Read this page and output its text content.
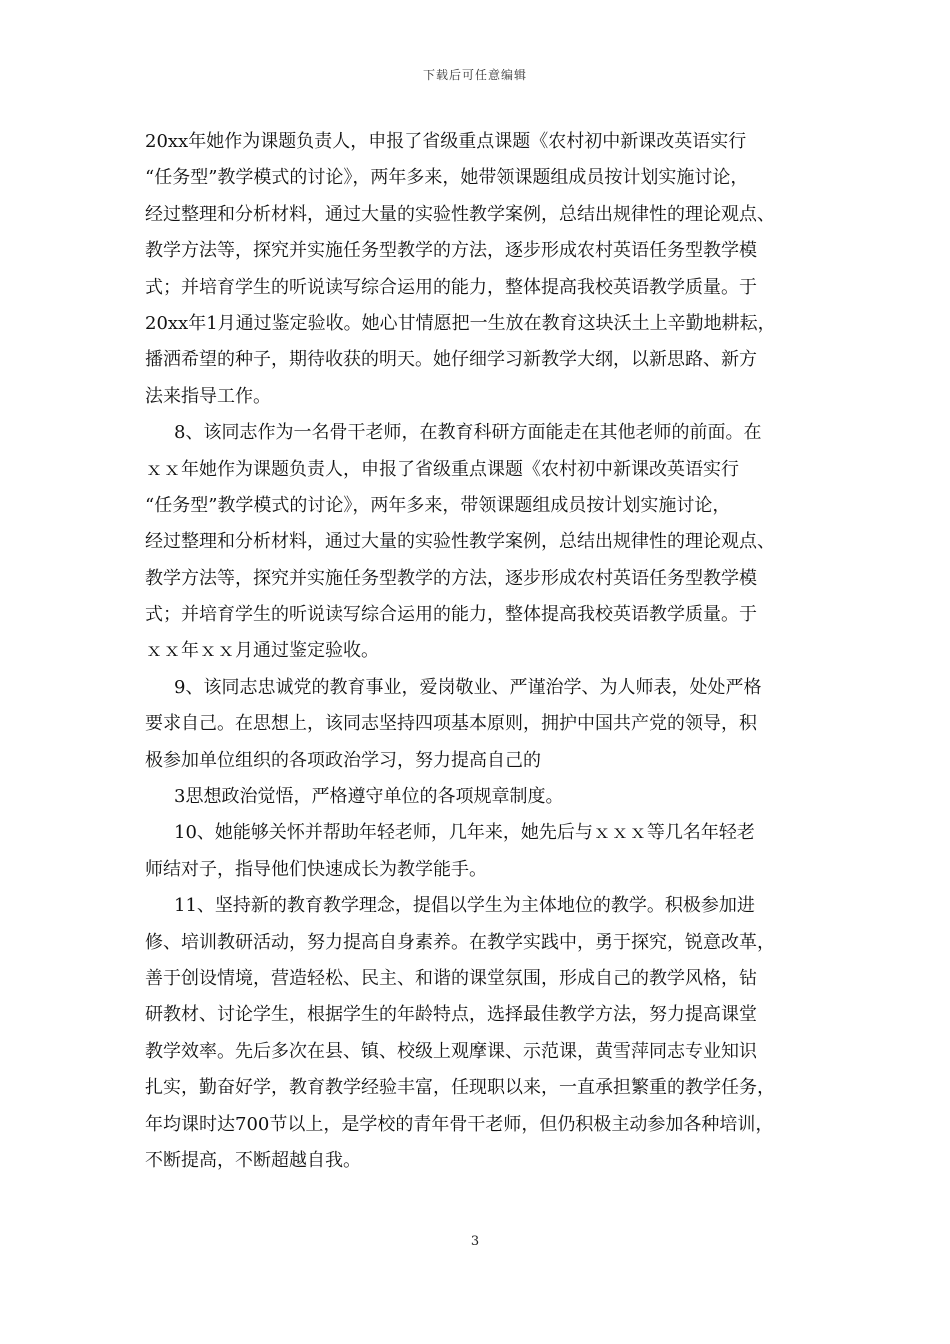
下载后可任意编辑
20xx年她作为课题负责人，申报了省级重点课题《农村初中新课改英语实行
“任务型”教学模式的讨论》，两年多来，她带领课题组成员按计划实施讨论，
经过整理和分析材料，通过大量的实验性教学案例，总结出规律性的理论观点、
教学方法等，探究并实施任务型教学的方法，逐步形成农村英语任务型教学模
式；并培育学生的听说读写综合运用的能力，整体提高我校英语教学质量。于
20xx年1月通过鉴定验收。她心甘情愿把一生放在教育这块沃土上辛勤地耕耘，
播洒希望的种子，期待收获的明天。她仔细学习新教学大纲，以新思路、新方
法来指导工作。
8、该同志作为一名骨干老师，在教育科研方面能走在其他老师的前面。在
ｘｘ年她作为课题负责人，申报了省级重点课题《农村初中新课改英语实行
“任务型”教学模式的讨论》，两年多来，带领课题组成员按计划实施讨论，
经过整理和分析材料，通过大量的实验性教学案例，总结出规律性的理论观点、
教学方法等，探究并实施任务型教学的方法，逐步形成农村英语任务型教学模
式；并培育学生的听说读写综合运用的能力，整体提高我校英语教学质量。于
ｘｘ年ｘｘ月通过鉴定验收。
9、该同志忠诚党的教育事业，爱岗敬业、严谨治学、为人师表，处处严格
要求自己。在思想上，该同志坚持四项基本原则，拥护中国共产党的领导，积
极参加单位组织的各项政治学习，努力提高自己的
3思想政治觉悟，严格遵守单位的各项规章制度。
10、她能够关怀并帮助年轻老师，几年来，她先后与ｘｘｘ等几名年轻老
师结对子，指导他们快速成长为教学能手。
11、坚持新的教育教学理念，提倡以学生为主体地位的教学。积极参加进
修、培训教研活动，努力提高自身素养。在教学实践中，勇于探究，锐意改革，
善于创设情境，营造轻松、民主、和谐的课堂氛围，形成自己的教学风格，钻
研教材、讨论学生，根据学生的年龄特点，选择最佳教学方法，努力提高课堂
教学效率。先后多次在县、镇、校级上观摩课、示范课，黄雪萍同志专业知识
扎实，勤奋好学，教育教学经验丰富，任现职以来，一直承担繁重的教学任务，
年均课时达700节以上，是学校的青年骨干老师，但仍积极主动参加各种培训，
不断提高，不断超越自我。
3
